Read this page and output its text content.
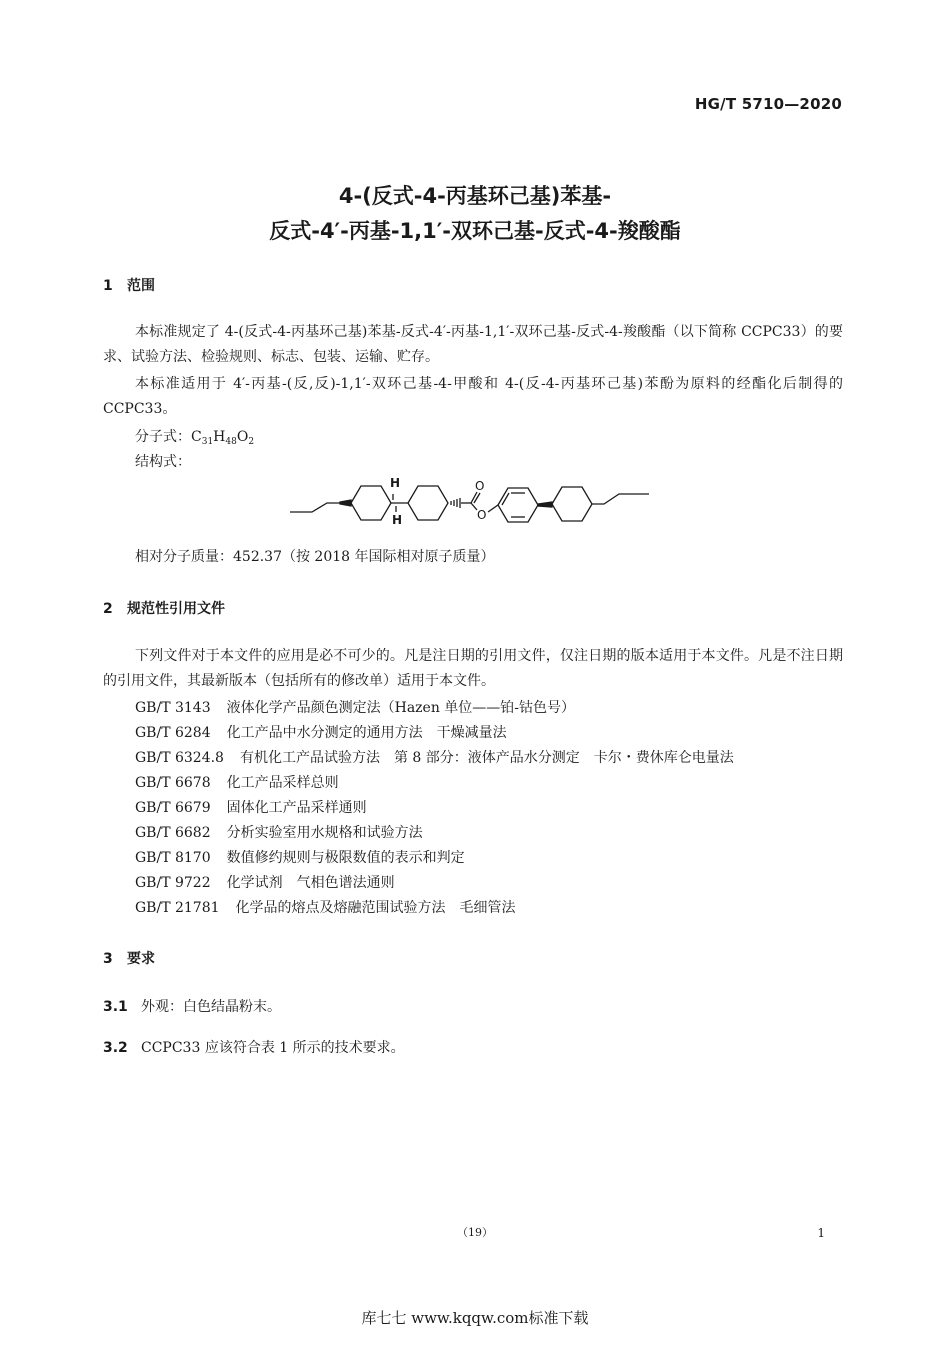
HG/T 5710—2020
4-(反式-4-丙基环己基)苯基-
反式-4′-丙基-1,1′-双环己基-反式-4-羧酸酯
1 范围
本标准规定了 4-(反式-4-丙基环己基)苯基-反式-4′-丙基-1,1′-双环己基-反式-4-羧酸酯（以下简称 CCPC33）的要求、试验方法、检验规则、标志、包装、运输、贮存。
本标准适用于 4′-丙基-(反,反)-1,1′-双环己基-4-甲酸和 4-(反-4-丙基环己基)苯酚为原料的经酯化后制得的 CCPC33。
分子式：$C_{31}H_{48}O_2$
结构式：
H
H
O
O
相对分子质量：452.37（按 2018 年国际相对原子质量）
2 规范性引用文件
下列文件对于本文件的应用是必不可少的。凡是注日期的引用文件，仅注日期的版本适用于本文件。凡是不注日期的引用文件，其最新版本（包括所有的修改单）适用于本文件。
GB/T 3143 液体化学产品颜色测定法（Hazen 单位——铂-钴色号）
GB/T 6284 化工产品中水分测定的通用方法　干燥减量法
GB/T 6324.8 有机化工产品试验方法　第 8 部分：液体产品水分测定　卡尔・费休库仑电量法
GB/T 6678 化工产品采样总则
GB/T 6679 固体化工产品采样通则
GB/T 6682 分析实验室用水规格和试验方法
GB/T 8170 数值修约规则与极限数值的表示和判定
GB/T 9722 化学试剂　气相色谱法通则
GB/T 21781 化学品的熔点及熔融范围试验方法　毛细管法
3 要求
3.1 外观：白色结晶粉末。
3.2 CCPC33 应该符合表 1 所示的技术要求。
（19）	1
库七七 www.kqqw.com标准下载
